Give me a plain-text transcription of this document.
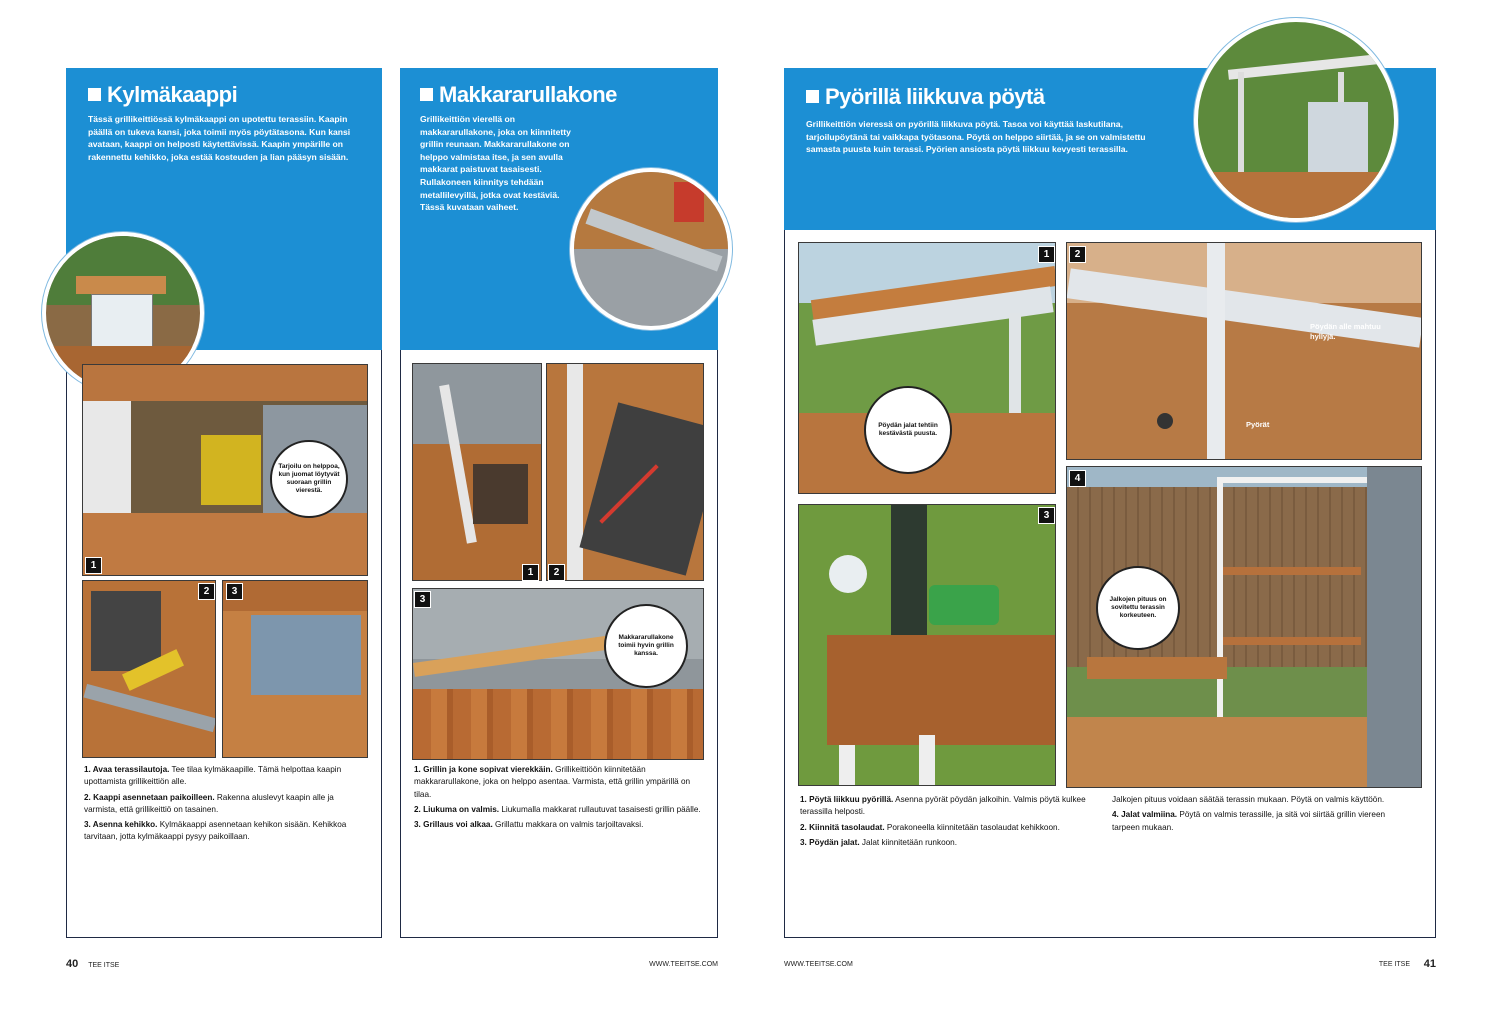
Kylmäkaappi
Tässä grillikeittiössä kylmäkaappi on upotettu terassiin. Kaapin päällä on tukeva kansi, joka toimii myös pöytätasona. Kun kansi avataan, kaappi on helposti käytettävissä. Kaapin ympärille on rakennettu kehikko, joka estää kosteuden ja lian pääsyn sisään.
Tarjoilu on helppoa, kun juomat löytyvät suoraan grillin vierestä.
1
2	3

1. Avaa terassilautoja. Tee tilaa kylmäkaapille. Tämä helpottaa kaapin upottamista grillikeittiön alle.

2. Kaappi asennetaan paikoilleen. Rakenna aluslevyt kaapin alle ja varmista, että grillikeittiö on tasainen.

3. Asenna kehikko. Kylmäkaappi asennetaan kehikon sisään. Kehikkoa tarvitaan, jotta kylmäkaappi pysyy paikoillaan.

Makkararullakone
Grillikeittiön vierellä on makkararullakone, joka on kiinnitetty grillin reunaan. Makkararullakone on helppo valmistaa itse, ja sen avulla makkarat paistuvat tasaisesti. Rullakoneen kiinnitys tehdään metallilevyillä, jotka ovat kestäviä. Tässä kuvataan vaiheet.
1	2
3
Makkararullakone toimii hyvin grillin kanssa.

1. Grillin ja kone sopivat vierekkäin. Grillikeittiöön kiinnitetään makkararullakone, joka on helppo asentaa. Varmista, että grillin ympärillä on tilaa.

2. Liukuma on valmis. Liukumalla makkarat rullautuvat tasaisesti grillin päälle.

3. Grillaus voi alkaa. Grillattu makkara on valmis tarjoiltavaksi.

40 TEE ITSE	WWW.TEEITSE.COM
Pyörillä liikkuva pöytä
Grillikeittiön vieressä on pyörillä liikkuva pöytä. Tasoa voi käyttää laskutilana, tarjoilupöytänä tai vaikkapa työtasona. Pöytä on helppo siirtää, ja se on valmistettu samasta puusta kuin terassi. Pyörien ansiosta pöytä liikkuu kevyesti terassilla.
1
Pöydän jalat tehtiin kestävästä puusta.
2
Pöydän alle mahtuu hyllyjä.
Pyörät
3
4
Jalkojen pituus on sovitettu terassin korkeuteen.

1. Pöytä liikkuu pyörillä. Asenna pyörät pöydän jalkoihin. Valmis pöytä kulkee terassilla helposti.

2. Kiinnitä tasolaudat. Porakoneella kiinnitetään tasolaudat kehikkoon.

3. Pöydän jalat. Jalat kiinnitetään runkoon.

Jalkojen pituus voidaan säätää terassin mukaan. Pöytä on valmis käyttöön.

4. Jalat valmiina. Pöytä on valmis terassille, ja sitä voi siirtää grillin viereen tarpeen mukaan.

WWW.TEEITSE.COM	TEE ITSE 41
